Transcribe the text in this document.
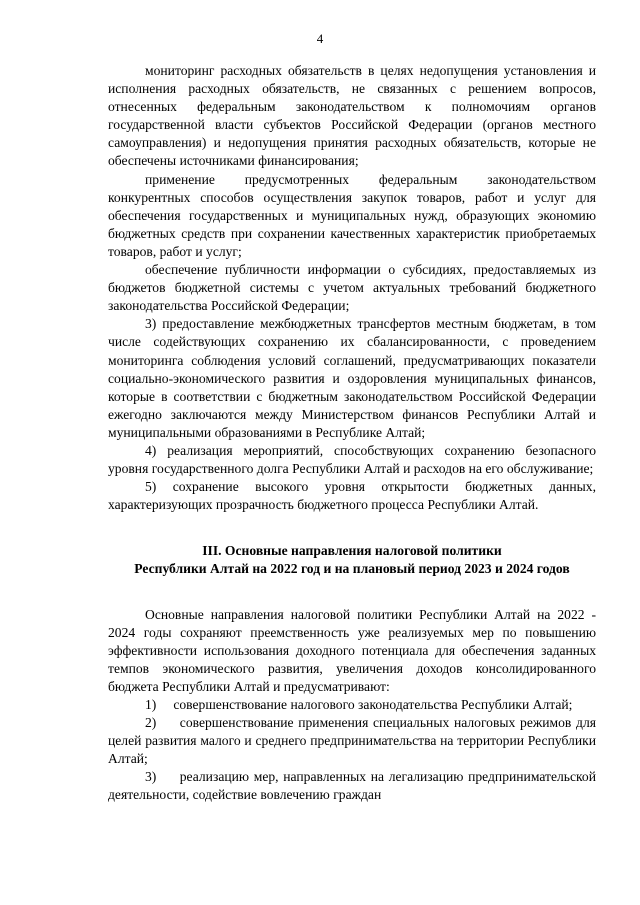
4

мониторинг расходных обязательств в целях недопущения установления и исполнения расходных обязательств, не связанных с решением вопросов, отнесенных федеральным законодательством к полномочиям органов государственной власти субъектов Российской Федерации (органов местного самоуправления) и недопущения принятия расходных обязательств, которые не обеспечены источниками финансирования;

применение предусмотренных федеральным законодательством конкурентных способов осуществления закупок товаров, работ и услуг для обеспечения государственных и муниципальных нужд, образующих экономию бюджетных средств при сохранении качественных характеристик приобретаемых товаров, работ и услуг;

обеспечение публичности информации о субсидиях, предоставляемых из бюджетов бюджетной системы с учетом актуальных требований бюджетного законодательства Российской Федерации;

3) предоставление межбюджетных трансфертов местным бюджетам, в том числе содействующих сохранению их сбалансированности, с проведением мониторинга соблюдения условий соглашений, предусматривающих показатели социально-экономического развития и оздоровления муниципальных финансов, которые в соответствии с бюджетным законодательством Российской Федерации ежегодно заключаются между Министерством финансов Республики Алтай и муниципальными образованиями в Республике Алтай;

4) реализация мероприятий, способствующих сохранению безопасного уровня государственного долга Республики Алтай и расходов на его обслуживание;

5) сохранение высокого уровня открытости бюджетных данных, характеризующих прозрачность бюджетного процесса Республики Алтай.

III. Основные направления налоговой политики
Республики Алтай на 2022 год и на плановый период 2023 и 2024 годов

Основные направления налоговой политики Республики Алтай на 2022 - 2024 годы сохраняют преемственность уже реализуемых мер по повышению эффективности использования доходного потенциала для обеспечения заданных темпов экономического развития, увеличения доходов консолидированного бюджета Республики Алтай и предусматривают:

1)     совершенствование налогового законодательства Республики Алтай;

2)     совершенствование применения специальных налоговых режимов для целей развития малого и среднего предпринимательства на территории Республики Алтай;

3)     реализацию мер, направленных на легализацию предпринимательской деятельности, содействие вовлечению граждан
